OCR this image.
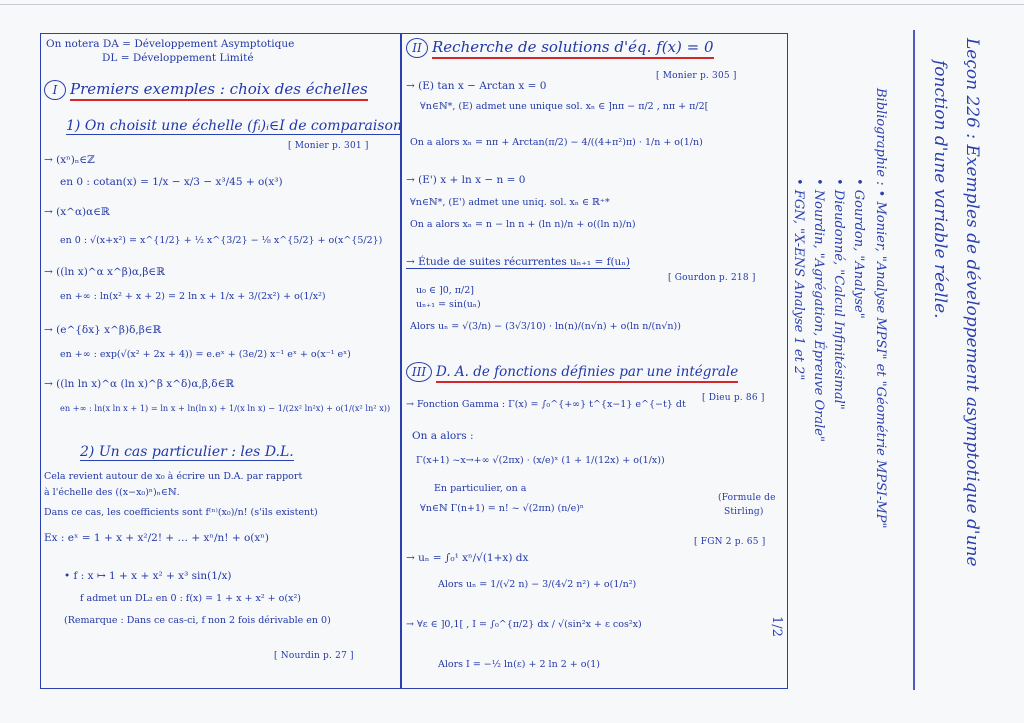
On notera DA = Développement Asymptotique
DL = Développement Limité
I Premiers exemples : choix des échelles
1) On choisit une échelle (fᵢ)ᵢ∈I de comparaison
[ Monier p. 301 ]
→ (xⁿ)ₙ∈ℤ
en 0 : cotan(x) = 1/x − x/3 − x³/45 + o(x³)
→ (x^α)α∈ℝ
en 0 : √(x+x²) = x^{1/2} + ½ x^{3/2} − ⅛ x^{5/2} + o(x^{5/2})
→ ((ln x)^α x^β)α,β∈ℝ
en +∞ : ln(x² + x + 2) = 2 ln x + 1/x + 3/(2x²) + o(1/x²)
→ (e^{δx} x^β)δ,β∈ℝ
en +∞ : exp(√(x² + 2x + 4)) = e.eˣ + (3e/2) x⁻¹ eˣ + o(x⁻¹ eˣ)
→ ((ln ln x)^α (ln x)^β x^δ)α,β,δ∈ℝ
en +∞ : ln(x ln x + 1) = ln x + ln(ln x) + 1/(x ln x) − 1/(2x² ln²x) + o(1/(x² ln² x))
2) Un cas particulier : les D.L.
Cela revient autour de x₀ à écrire un D.A. par rapport
à l'échelle des ((x−x₀)ⁿ)ₙ∈ℕ.
Dans ce cas, les coefficients sont f⁽ⁿ⁾(x₀)/n! (s'ils existent)
Ex : eˣ = 1 + x + x²/2! + … + xⁿ/n! + o(xⁿ)
• f : x ↦ 1 + x + x² + x³ sin(1/x)
f admet un DL₂ en 0 : f(x) = 1 + x + x² + o(x²)
(Remarque : Dans ce cas-ci, f non 2 fois dérivable en 0)
[ Nourdin p. 27 ]
II Recherche de solutions d'éq. f(x) = 0
[ Monier p. 305 ]
→ (E) tan x − Arctan x = 0
∀n∈ℕ*, (E) admet une unique sol. xₙ ∈ ]nπ − π/2 , nπ + π/2[
On a alors xₙ = nπ + Arctan(π/2) − 4/((4+π²)π) · 1/n + o(1/n)
→ (E') x + ln x − n = 0
∀n∈ℕ*, (E') admet une uniq. sol. xₙ ∈ ℝ⁺*
On a alors xₙ = n − ln n + (ln n)/n + o((ln n)/n)
→ Étude de suites récurrentes uₙ₊₁ = f(uₙ)
[ Gourdon p. 218 ]
u₀ ∈ ]0, π/2]
uₙ₊₁ = sin(uₙ)
Alors uₙ = √(3/n) − (3√3/10) · ln(n)/(n√n) + o(ln n/(n√n))
III D. A. de fonctions définies par une intégrale
→ Fonction Gamma : Γ(x) = ∫₀^{+∞} t^{x−1} e^{−t} dt
[ Dieu p. 86 ]
On a alors :
Γ(x+1) ~x→+∞ √(2πx) · (x/e)ˣ (1 + 1/(12x) + o(1/x))
En particulier, on a
∀n∈ℕ Γ(n+1) = n! ~ √(2πn) (n/e)ⁿ
(Formule de
Stirling)
[ FGN 2 p. 65 ]
→ uₙ = ∫₀¹ xⁿ/√(1+x) dx
Alors uₙ = 1/(√2 n) − 3/(4√2 n²) + o(1/n²)
→ ∀ε ∈ ]0,1[ , I = ∫₀^{π/2} dx / √(sin²x + ε cos²x)
Alors I = −½ ln(ε) + 2 ln 2 + o(1)
Leçon 226 : Exemples de développement asymptotique d'une
fonction d'une variable réelle.
Bibliographie : • Monier, "Analyse MPSI" et "Géométrie MPSI-MP"
• Gourdon, "Analyse"
• Dieudonné, "Calcul Infinitésimal"
• Nourdin, "Agrégation, Épreuve Orale"
• FGN, "X-ENS Analyse 1 et 2"
1/2
